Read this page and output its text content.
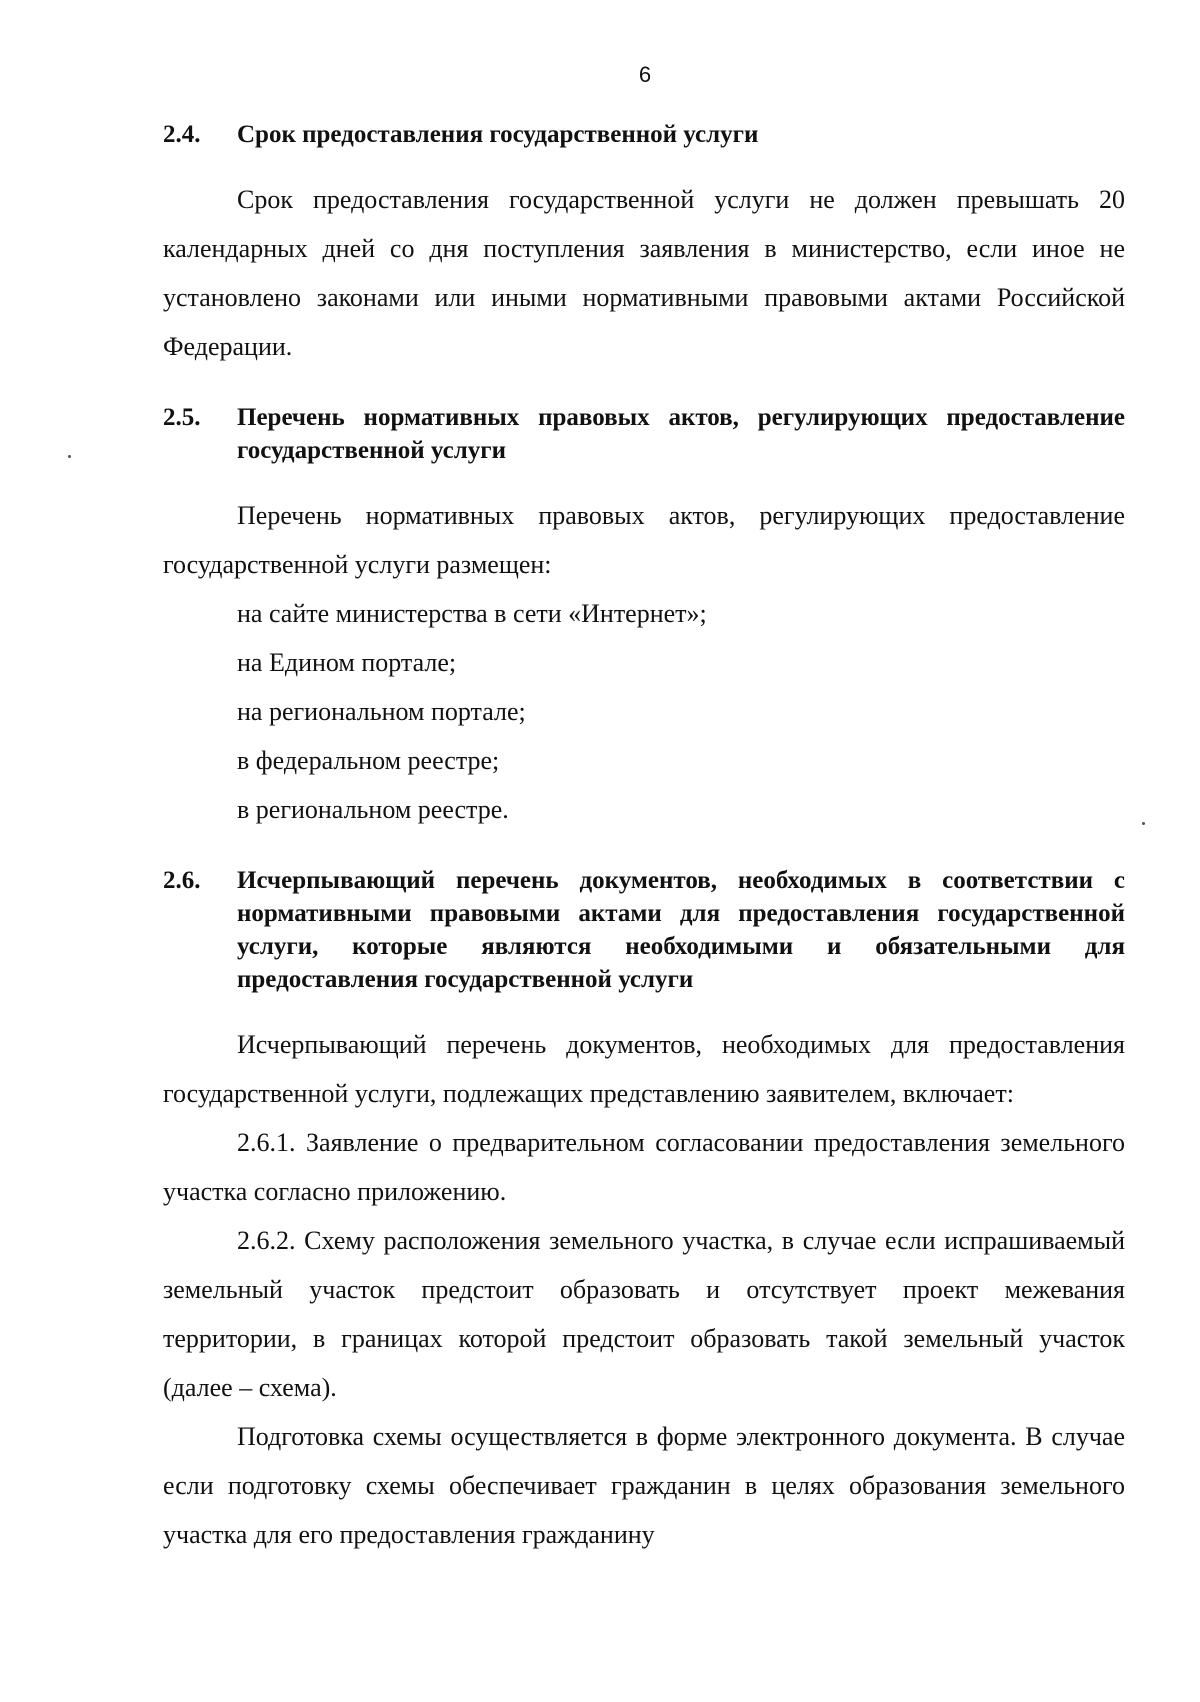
6
2.4.	Срок предоставления государственной услуги

Срок предоставления государственной услуги не должен превышать 20 календарных дней со дня поступления заявления в министерство, если иное не установлено законами или иными нормативными правовыми актами Российской Федерации.

2.5.	Перечень нормативных правовых актов, регулирующих предоставление государственной услуги

Перечень нормативных правовых актов, регулирующих предоставление государственной услуги размещен:

на сайте министерства в сети «Интернет»;
на Едином портале;
на региональном портале;
в федеральном реестре;
в региональном реестре.
2.6.	Исчерпывающий перечень документов, необходимых в соответствии с нормативными правовыми актами для предоставления государственной услуги, которые являются необходимыми и обязательными для предоставления государственной услуги

Исчерпывающий перечень документов, необходимых для предоставления государственной услуги, подлежащих представлению заявителем, включает:

2.6.1. Заявление о предварительном согласовании предоставления земельного участка согласно приложению.

2.6.2. Схему расположения земельного участка, в случае если испрашиваемый земельный участок предстоит образовать и отсутствует проект межевания территории, в границах которой предстоит образовать такой земельный участок (далее – схема).

Подготовка схемы осуществляется в форме электронного документа. В случае если подготовку схемы обеспечивает гражданин в целях образования земельного участка для его предоставления гражданину
